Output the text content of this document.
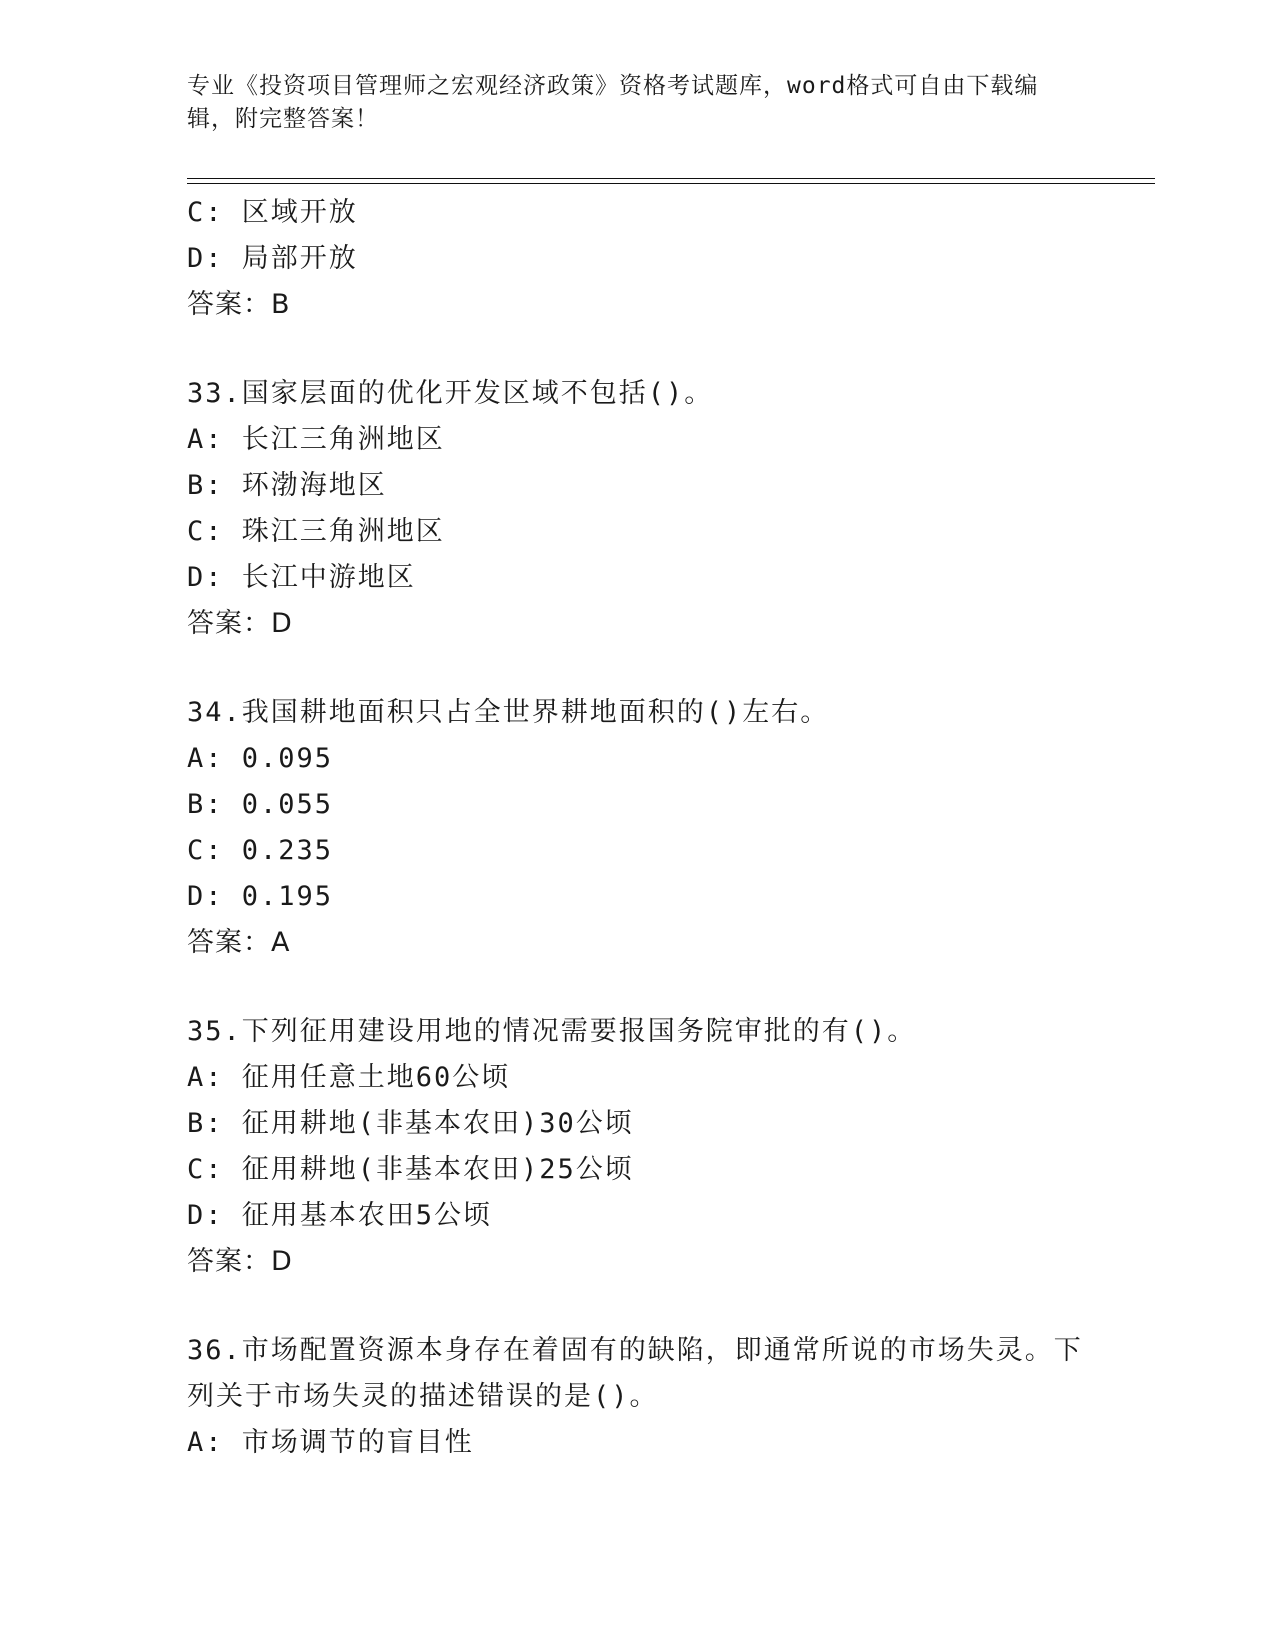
专业《投资项目管理师之宏观经济政策》资格考试题库，word格式可自由下载编
辑，附完整答案！
C: 区域开放
D: 局部开放
答案：B
33.国家层面的优化开发区域不包括()。
A: 长江三角洲地区
B: 环渤海地区
C: 珠江三角洲地区
D: 长江中游地区
答案：D
34.我国耕地面积只占全世界耕地面积的()左右。
A: 0.095
B: 0.055
C: 0.235
D: 0.195
答案：A
35.下列征用建设用地的情况需要报国务院审批的有()。
A: 征用任意土地60公顷
B: 征用耕地(非基本农田)30公顷
C: 征用耕地(非基本农田)25公顷
D: 征用基本农田5公顷
答案：D
36.市场配置资源本身存在着固有的缺陷，即通常所说的市场失灵。下
列关于市场失灵的描述错误的是()。
A: 市场调节的盲目性
